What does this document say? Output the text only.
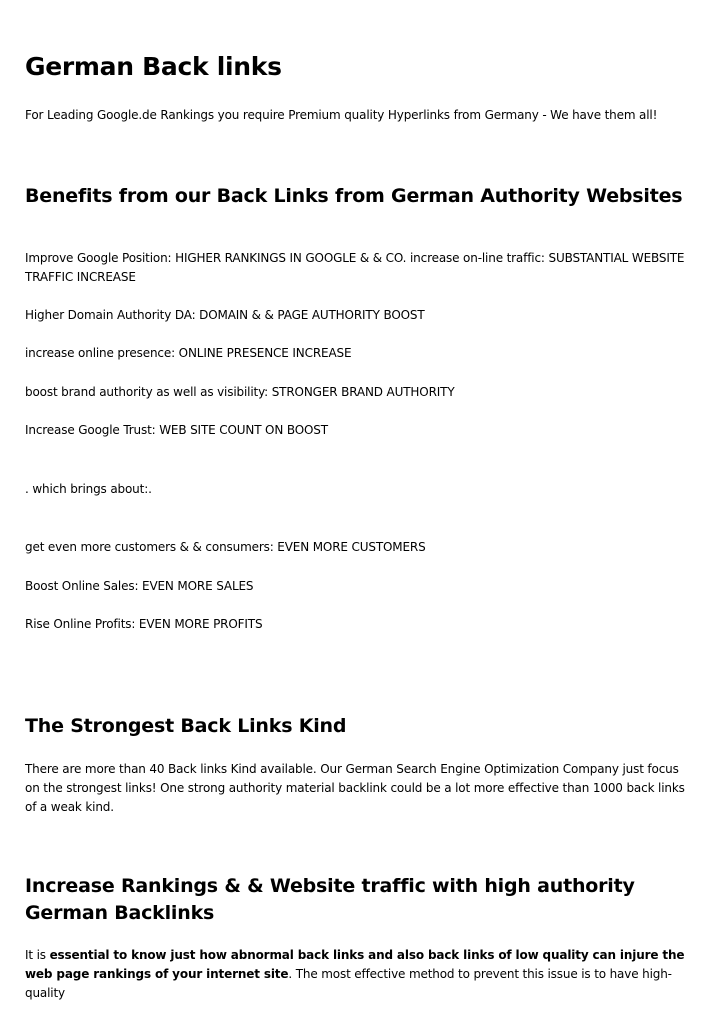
German Back links

For Leading Google.de Rankings you require Premium quality Hyperlinks from Germany - We have them all!

Benefits from our Back Links from German Authority Websites

Improve Google Position: HIGHER RANKINGS IN GOOGLE & & CO. increase on-line traffic: SUBSTANTIAL WEBSITE TRAFFIC INCREASE

Higher Domain Authority DA: DOMAIN & & PAGE AUTHORITY BOOST

increase online presence: ONLINE PRESENCE INCREASE

boost brand authority as well as visibility: STRONGER BRAND AUTHORITY

Increase Google Trust: WEB SITE COUNT ON BOOST

. which brings about:.

get even more customers & & consumers: EVEN MORE CUSTOMERS

Boost Online Sales: EVEN MORE SALES

Rise Online Profits: EVEN MORE PROFITS

The Strongest Back Links Kind

There are more than 40 Back links Kind available. Our German Search Engine Optimization Company just focus on the strongest links! One strong authority material backlink could be a lot more effective than 1000 back links of a weak kind.

Increase Rankings & & Website traffic with high authority German Backlinks

It is essential to know just how abnormal back links and also back links of low quality can injure the web page rankings of your internet site. The most effective method to prevent this issue is to have high-quality
